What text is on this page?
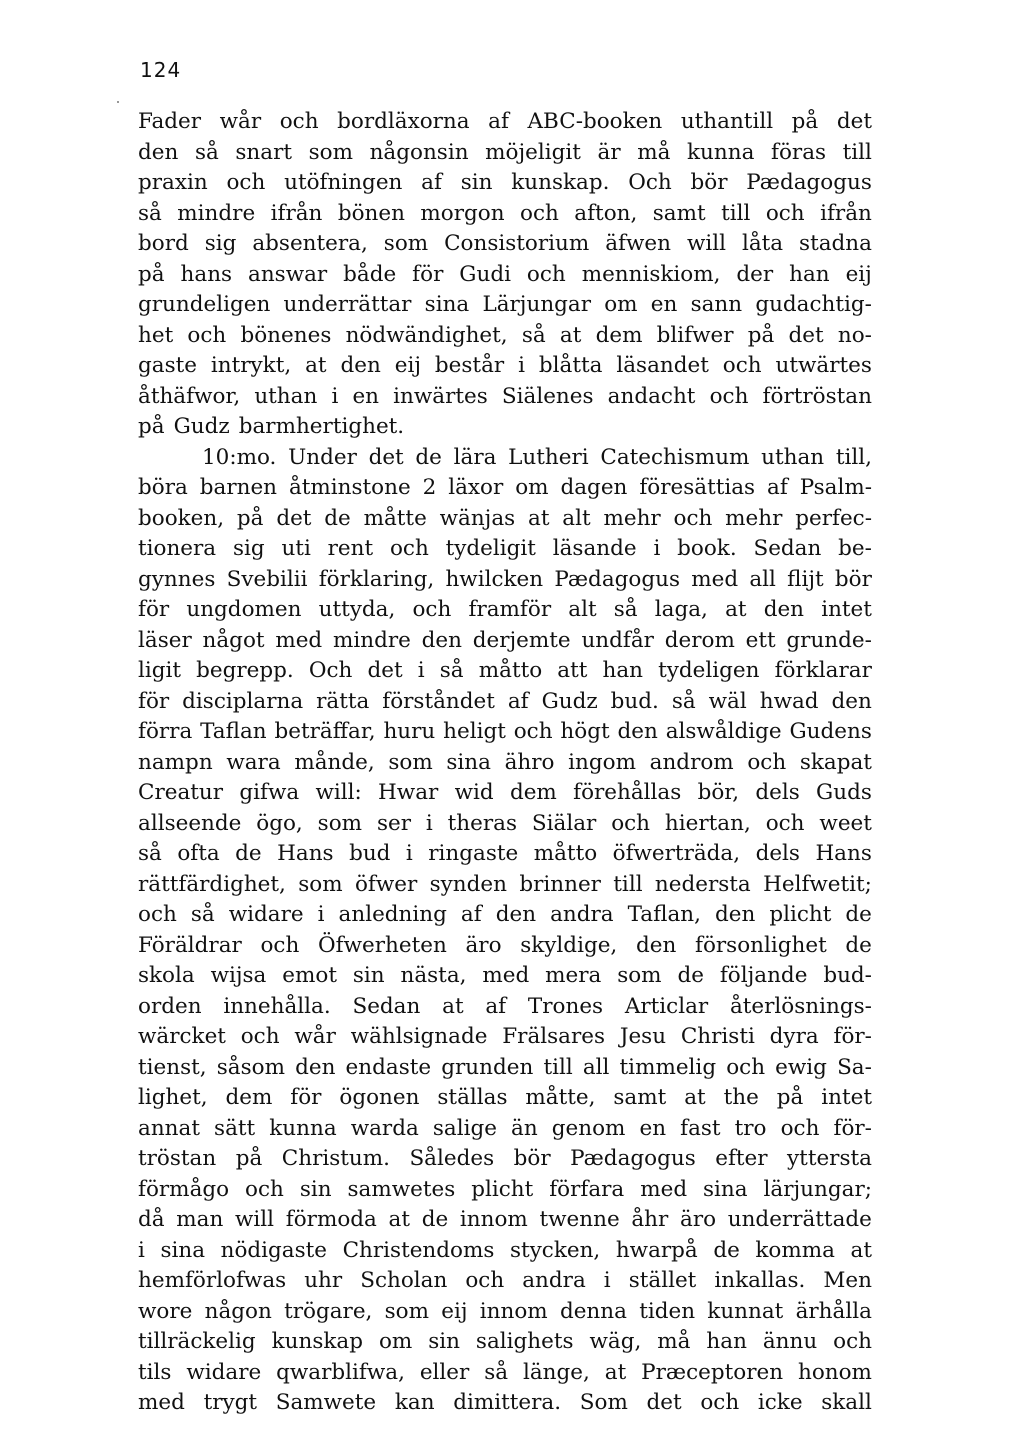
124
Fader wår och bordläxorna af ABC-booken uthantill på det
den så snart som någonsin möjeligit är må kunna föras till
praxin och utöfningen af sin kunskap. Och bör Pædagogus
så mindre ifrån bönen morgon och afton, samt till och ifrån
bord sig absentera, som Consistorium äfwen will låta stadna
på hans answar både för Gudi och menniskiom, der han eij
grundeligen underrättar sina Lärjungar om en sann gudachtig-
het och bönenes nödwändighet, så at dem blifwer på det no-
gaste intrykt, at den eij består i blåtta läsandet och utwärtes
åthäfwor, uthan i en inwärtes Siälenes andacht och förtröstan
på Gudz barmhertighet.
10:mo. Under det de lära Lutheri Catechismum uthan till,
böra barnen åtminstone 2 läxor om dagen föresättias af Psalm-
booken, på det de måtte wänjas at alt mehr och mehr perfec-
tionera sig uti rent och tydeligit läsande i book. Sedan be-
gynnes Svebilii förklaring, hwilcken Pædagogus med all flijt bör
för ungdomen uttyda, och framför alt så laga, at den intet
läser något med mindre den derjemte undfår derom ett grunde-
ligit begrepp. Och det i så måtto att han tydeligen förklarar
för disciplarna rätta förståndet af Gudz bud. så wäl hwad den
förra Taflan beträffar, huru heligt och högt den alswåldige Gudens
nampn wara månde, som sina ähro ingom androm och skapat
Creatur gifwa will: Hwar wid dem förehållas bör, dels Guds
allseende ögo, som ser i theras Siälar och hiertan, och weet
så ofta de Hans bud i ringaste måtto öfwerträda, dels Hans
rättfärdighet, som öfwer synden brinner till nedersta Helfwetit;
och så widare i anledning af den andra Taflan, den plicht de
Föräldrar och Öfwerheten äro skyldige, den försonlighet de
skola wijsa emot sin nästa, med mera som de följande bud-
orden innehålla. Sedan at af Trones Articlar återlösnings-
wärcket och wår wählsignade Frälsares Jesu Christi dyra för-
tienst, såsom den endaste grunden till all timmelig och ewig Sa-
lighet, dem för ögonen ställas måtte, samt at the på intet
annat sätt kunna warda salige än genom en fast tro och för-
tröstan på Christum. Således bör Pædagogus efter yttersta
förmågo och sin samwetes plicht förfara med sina lärjungar;
då man will förmoda at de innom twenne åhr äro underrättade
i sina nödigaste Christendoms stycken, hwarpå de komma at
hemförlofwas uhr Scholan och andra i stället inkallas. Men
wore någon trögare, som eij innom denna tiden kunnat ärhålla
tillräckelig kunskap om sin salighets wäg, må han ännu och
tils widare qwarblifwa, eller så länge, at Præceptoren honom
med trygt Samwete kan dimittera. Som det och icke skall
